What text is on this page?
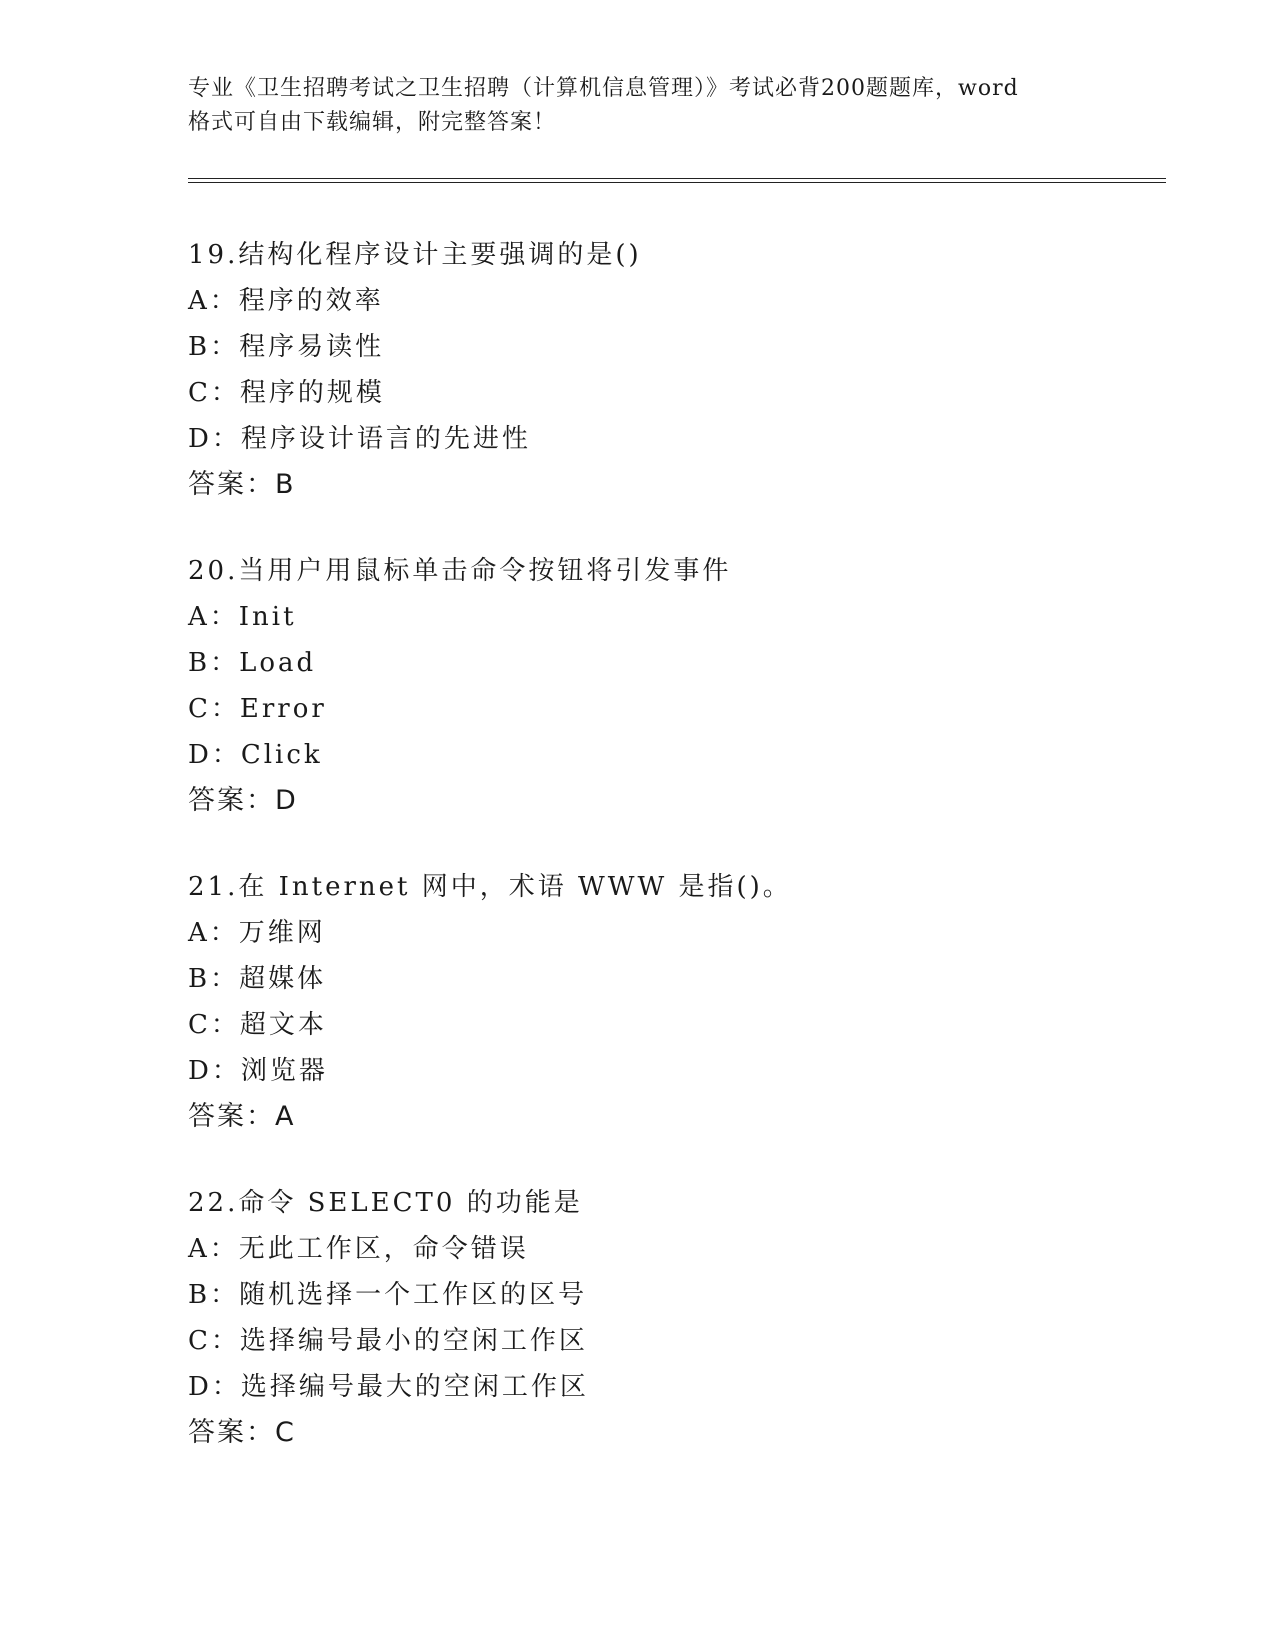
专业《卫生招聘考试之卫生招聘（计算机信息管理）》考试必背200题题库，word
格式可自由下载编辑，附完整答案！
19.结构化程序设计主要强调的是()
A：程序的效率
B：程序易读性
C：程序的规模
D：程序设计语言的先进性
答案：B
20.当用户用鼠标单击命令按钮将引发事件
A：Init
B：Load
C：Error
D：Click
答案：D
21.在 Internet 网中，术语 WWW 是指()。
A：万维网
B：超媒体
C：超文本
D：浏览器
答案：A
22.命令 SELECT0 的功能是
A：无此工作区，命令错误
B：随机选择一个工作区的区号
C：选择编号最小的空闲工作区
D：选择编号最大的空闲工作区
答案：C
